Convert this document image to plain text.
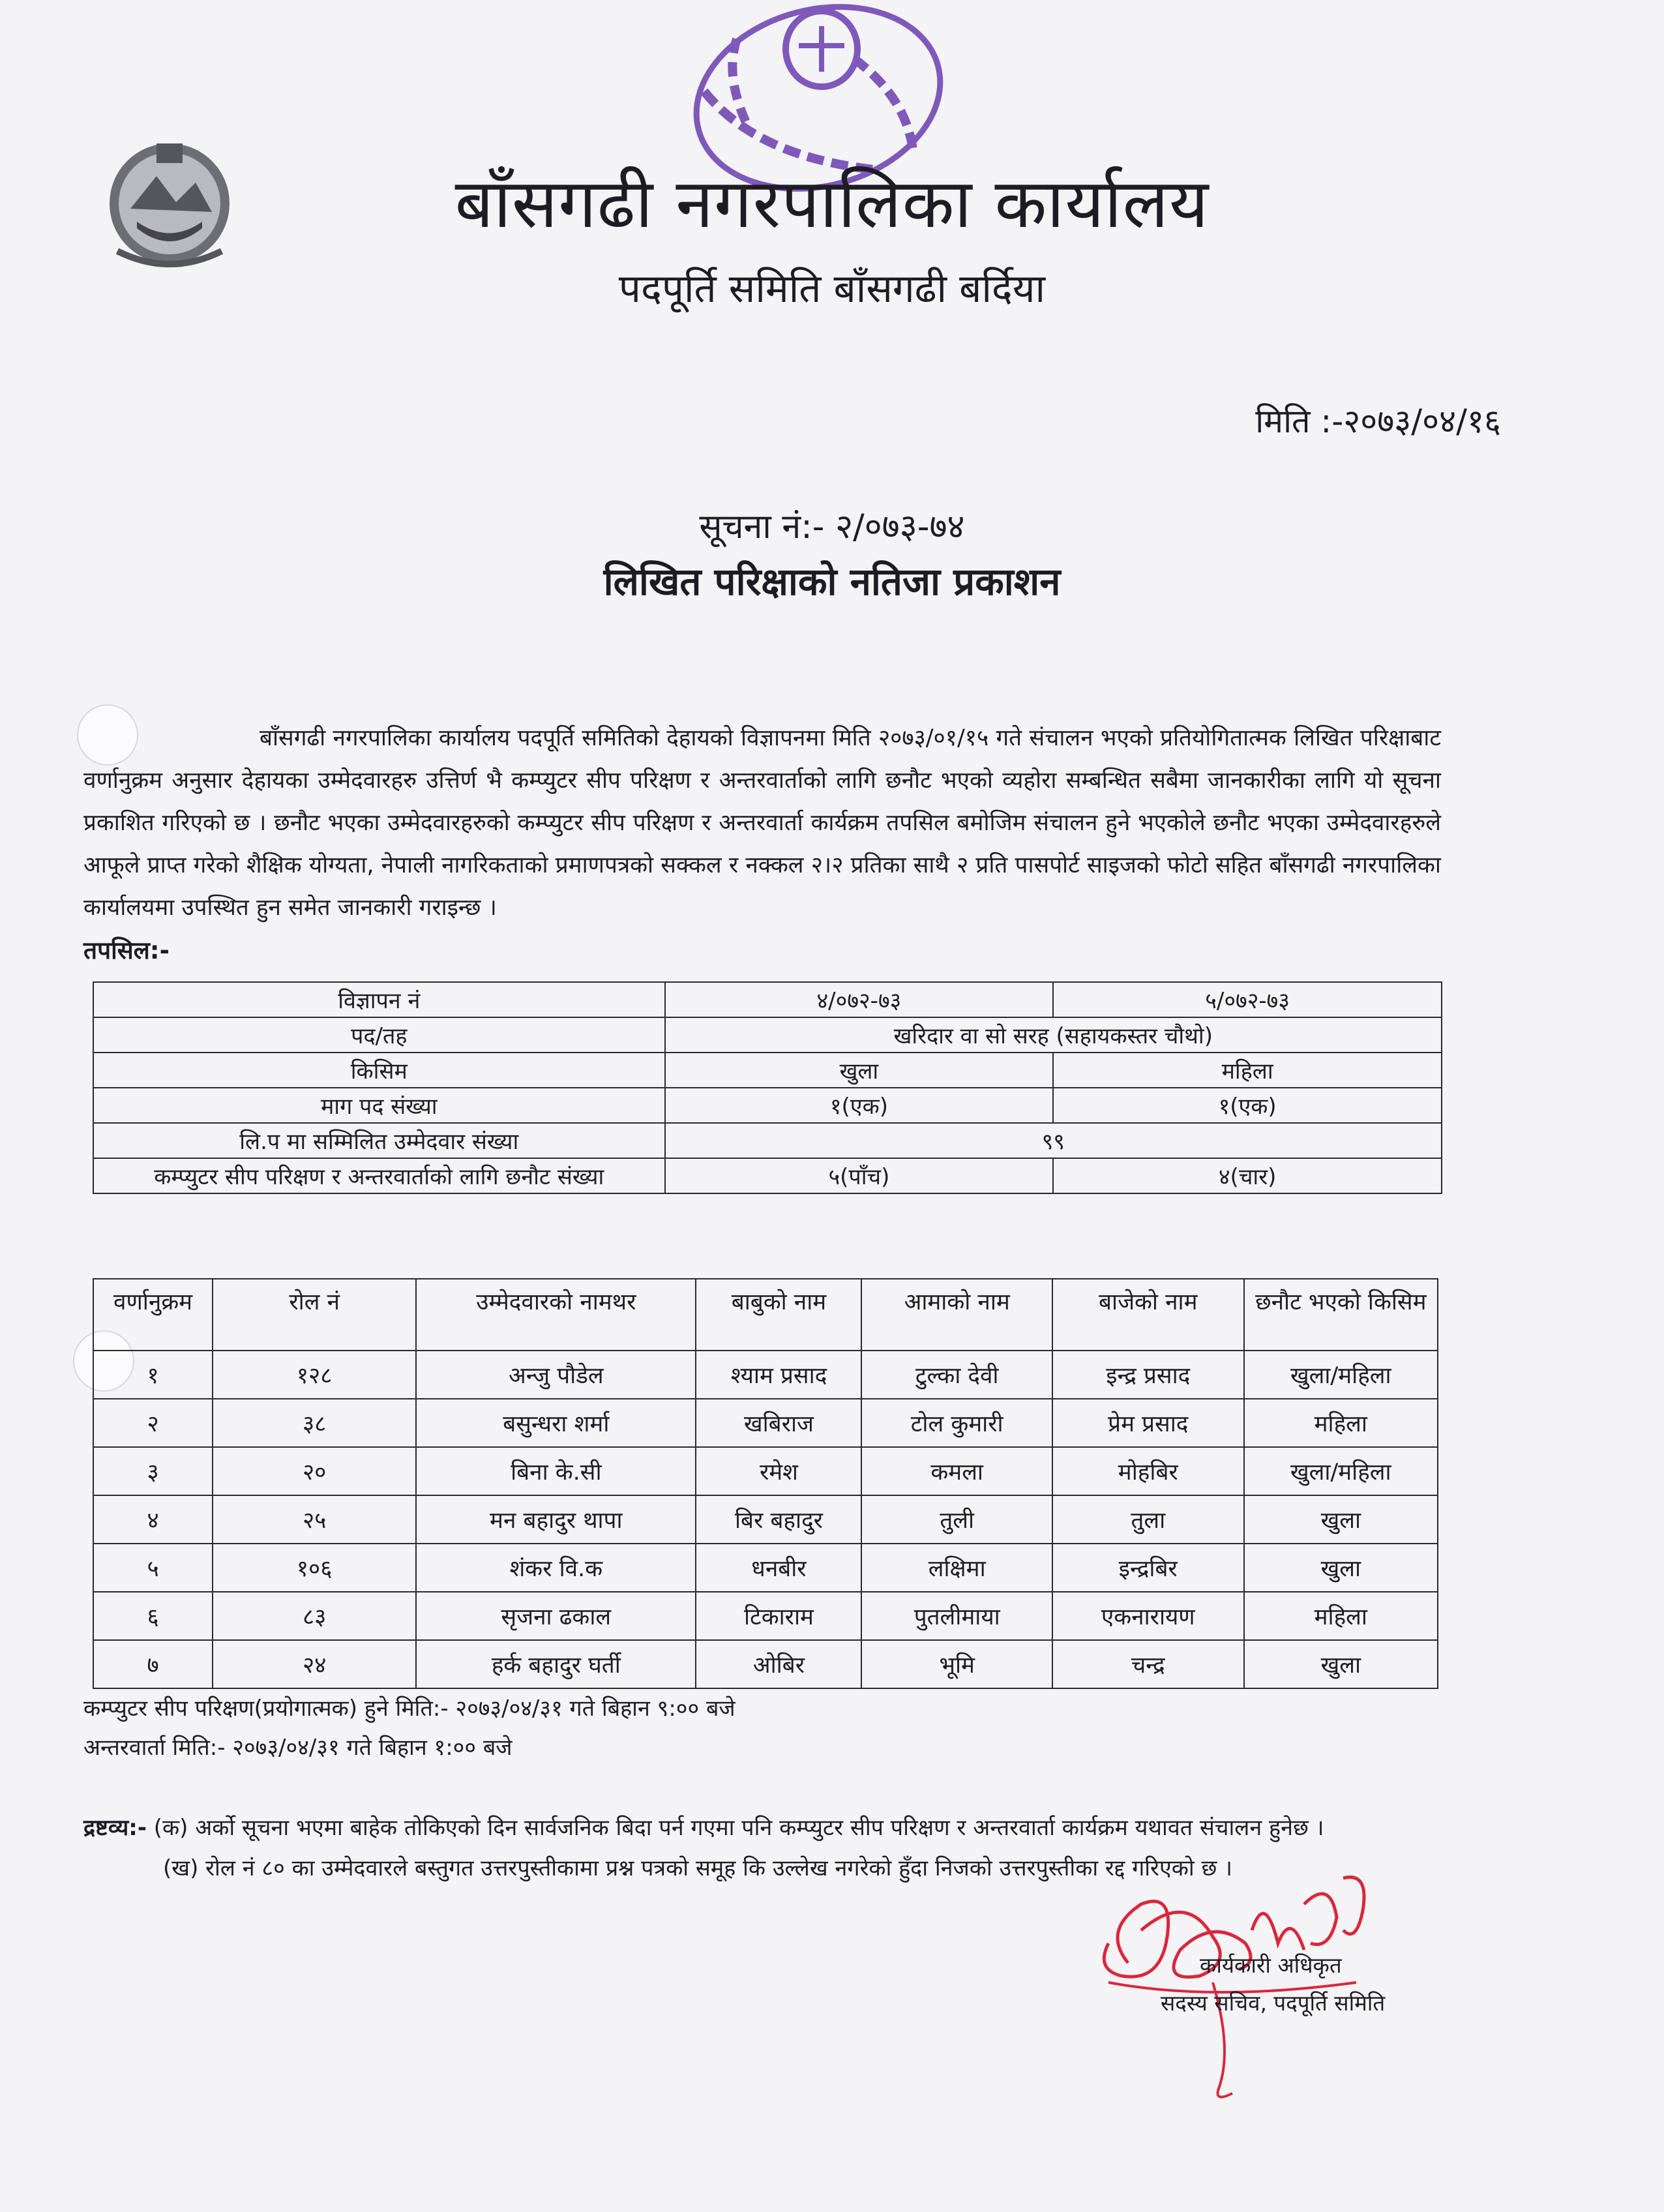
बाँसगढी नगरपालिका कार्यालय
पदपूर्ति समिति बाँसगढी बर्दिया
मिति :-२०७३/०४/१६
सूचना नं:- २/०७३-७४
लिखित परिक्षाको नतिजा प्रकाशन
बाँसगढी नगरपालिका कार्यालय पदपूर्ति समितिको देहायको विज्ञापनमा मिति २०७३/०१/१५ गते संचालन भएको प्रतियोगितात्मक लिखित परिक्षाबाट वर्णानुक्रम अनुसार देहायका उम्मेदवारहरु उत्तिर्ण भै कम्प्युटर सीप परिक्षण र अन्तरवार्ताको लागि छनौट भएको व्यहोरा सम्बन्धित सबैमा जानकारीका लागि यो सूचना प्रकाशित गरिएको छ । छनौट भएका उम्मेदवारहरुको कम्प्युटर सीप परिक्षण र अन्तरवार्ता कार्यक्रम तपसिल बमोजिम संचालन हुने भएकोले छनौट भएका उम्मेदवारहरुले आफूले प्राप्त गरेको शैक्षिक योग्यता, नेपाली नागरिकताको प्रमाणपत्रको सक्कल र नक्कल २।२ प्रतिका साथै २ प्रति पासपोर्ट साइजको फोटो सहित बाँसगढी नगरपालिका कार्यालयमा उपस्थित हुन समेत जानकारी गराइन्छ ।
तपसिल:-
विज्ञापन नं	४/०७२-७३	५/०७२-७३
पद/तह	खरिदार वा सो सरह (सहायकस्तर चौथो)	
किसिम	खुला	महिला
माग पद संख्या	१(एक)	१(एक)
लि.प मा सम्मिलित उम्मेदवार संख्या	९९	
कम्प्युटर सीप परिक्षण र अन्तरवार्ताको लागि छनौट संख्या	५(पाँच)	४(चार)
वर्णानुक्रम	रोल नं	उम्मेदवारको नामथर	बाबुको नाम	आमाको नाम	बाजेको नाम	छनौट भएको किसिम
१	१२८	अन्जु पौडेल	श्याम प्रसाद	टुल्का देवी	इन्द्र प्रसाद	खुला/महिला
२	३८	बसुन्धरा शर्मा	खबिराज	टोल कुमारी	प्रेम प्रसाद	महिला
३	२०	बिना के.सी	रमेश	कमला	मोहबिर	खुला/महिला
४	२५	मन बहादुर थापा	बिर बहादुर	तुली	तुला	खुला
५	१०६	शंकर वि.क	धनबीर	लक्षिमा	इन्द्रबिर	खुला
६	८३	सृजना ढकाल	टिकाराम	पुतलीमाया	एकनारायण	महिला
७	२४	हर्क बहादुर घर्ती	ओबिर	भूमि	चन्द्र	खुला
कम्प्युटर सीप परिक्षण(प्रयोगात्मक) हुने मिति:- २०७३/०४/३१ गते बिहान ९:०० बजे
अन्तरवार्ता मिति:- २०७३/०४/३१ गते बिहान १:०० बजे
द्रष्टव्य:- (क) अर्को सूचना भएमा बाहेक तोकिएको दिन सार्वजनिक बिदा पर्न गएमा पनि कम्प्युटर सीप परिक्षण र अन्तरवार्ता कार्यक्रम यथावत संचालन हुनेछ ।
(ख) रोल नं ८० का उम्मेदवारले बस्तुगत उत्तरपुस्तीकामा प्रश्न पत्रको समूह कि उल्लेख नगरेको हुँदा निजको उत्तरपुस्तीका रद्द गरिएको छ ।
कार्यकारी अधिकृत
सदस्य सचिव, पदपूर्ति समिति
